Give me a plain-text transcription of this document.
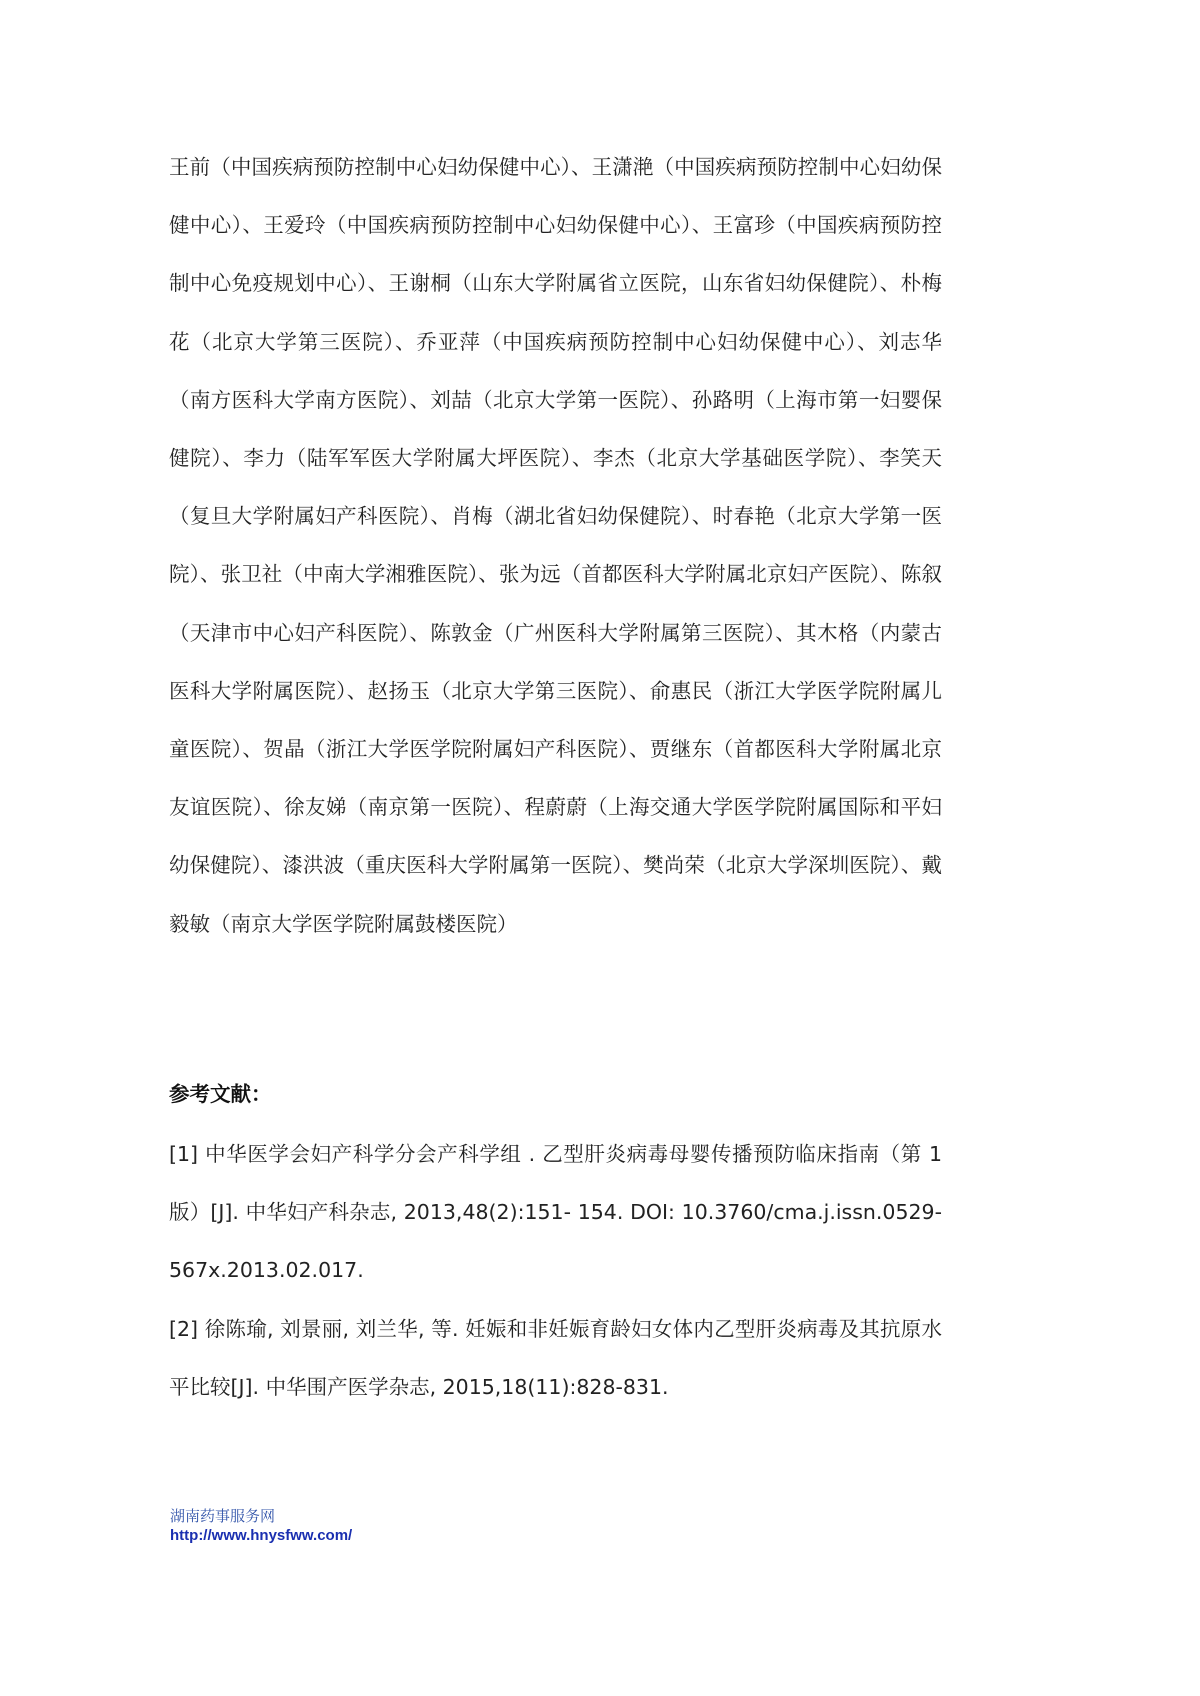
王前（中国疾病预防控制中心妇幼保健中心）、王潇滟（中国疾病预防控制中心妇幼保健中心）、王爱玲（中国疾病预防控制中心妇幼保健中心）、王富珍（中国疾病预防控制中心免疫规划中心）、王谢桐（山东大学附属省立医院，山东省妇幼保健院）、朴梅花（北京大学第三医院）、乔亚萍（中国疾病预防控制中心妇幼保健中心）、刘志华（南方医科大学南方医院）、刘喆（北京大学第一医院）、孙路明（上海市第一妇婴保健院）、李力（陆军军医大学附属大坪医院）、李杰（北京大学基础医学院）、李笑天（复旦大学附属妇产科医院）、肖梅（湖北省妇幼保健院）、时春艳（北京大学第一医院）、张卫社（中南大学湘雅医院）、张为远（首都医科大学附属北京妇产医院）、陈叙（天津市中心妇产科医院）、陈敦金（广州医科大学附属第三医院）、其木格（内蒙古医科大学附属医院）、赵扬玉（北京大学第三医院）、俞惠民（浙江大学医学院附属儿童医院）、贺晶（浙江大学医学院附属妇产科医院）、贾继东（首都医科大学附属北京友谊医院）、徐友娣（南京第一医院）、程蔚蔚（上海交通大学医学院附属国际和平妇幼保健院）、漆洪波（重庆医科大学附属第一医院）、樊尚荣（北京大学深圳医院）、戴毅敏（南京大学医学院附属鼓楼医院）

参考文献：

[1] 中华医学会妇产科学分会产科学组 . 乙型肝炎病毒母婴传播预防临床指南（第 1 版）[J]. 中华妇产科杂志, 2013,48(2):151- 154. DOI: 10.3760/cma.j.issn.0529-567x.2013.02.017.

[2] 徐陈瑜, 刘景丽, 刘兰华, 等. 妊娠和非妊娠育龄妇女体内乙型肝炎病毒及其抗原水平比较[J]. 中华围产医学杂志, 2015,18(11):828-831.

湖南药事服务网
http://www.hnysfww.com/
